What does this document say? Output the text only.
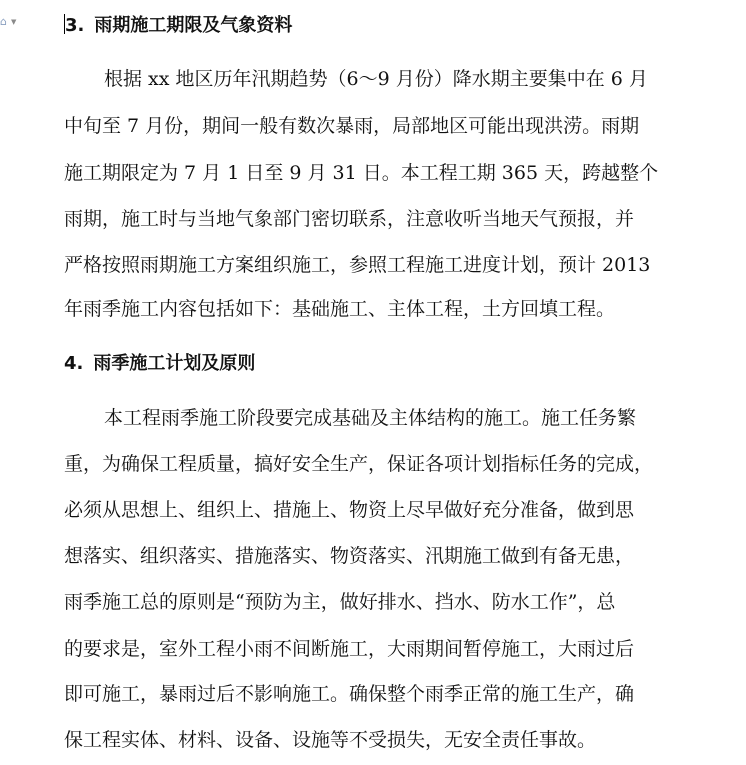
⌂ ▼	3. 雨期施工期限及气象资料
根据 xx 地区历年汛期趋势（6～9 月份）降水期主要集中在 6 月
中旬至 7 月份，期间一般有数次暴雨，局部地区可能出现洪涝。雨期
施工期限定为 7 月 1 日至 9 月 31 日。本工程工期 365 天，跨越整个
雨期，施工时与当地气象部门密切联系，注意收听当地天气预报，并
严格按照雨期施工方案组织施工，参照工程施工进度计划，预计 2013
年雨季施工内容包括如下：基础施工、主体工程，土方回填工程。
4. 雨季施工计划及原则
本工程雨季施工阶段要完成基础及主体结构的施工。施工任务繁
重，为确保工程质量，搞好安全生产，保证各项计划指标任务的完成，
必须从思想上、组织上、措施上、物资上尽早做好充分准备，做到思
想落实、组织落实、措施落实、物资落实、汛期施工做到有备无患，
雨季施工总的原则是“预防为主，做好排水、挡水、防水工作”，总
的要求是，室外工程小雨不间断施工，大雨期间暂停施工，大雨过后
即可施工，暴雨过后不影响施工。确保整个雨季正常的施工生产，确
保工程实体、材料、设备、设施等不受损失，无安全责任事故。
